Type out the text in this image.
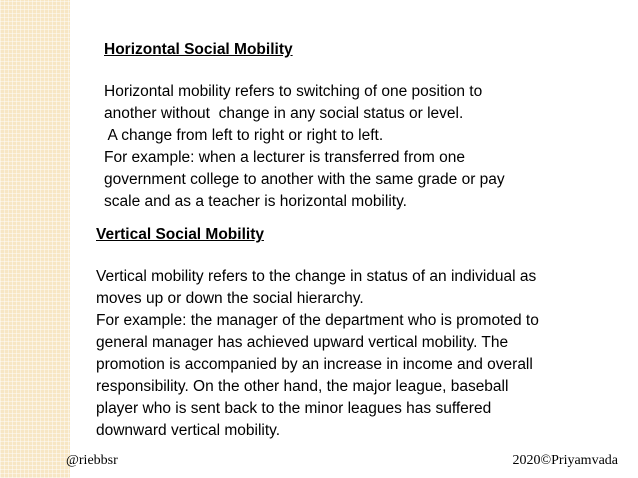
Horizontal Social Mobility

Horizontal mobility refers to switching of one position to
another without  change in any social status or level.
A change from left to right or right to left.
For example: when a lecturer is transferred from one
government college to another with the same grade or pay
scale and as a teacher is horizontal mobility.

Vertical Social Mobility

Vertical mobility refers to the change in status of an individual as
moves up or down the social hierarchy.
For example: the manager of the department who is promoted to
general manager has achieved upward vertical mobility. The
promotion is accompanied by an increase in income and overall
responsibility. On the other hand, the major league, baseball
player who is sent back to the minor leagues has suffered
downward vertical mobility.

@riebbsr	2020©Priyamvada
